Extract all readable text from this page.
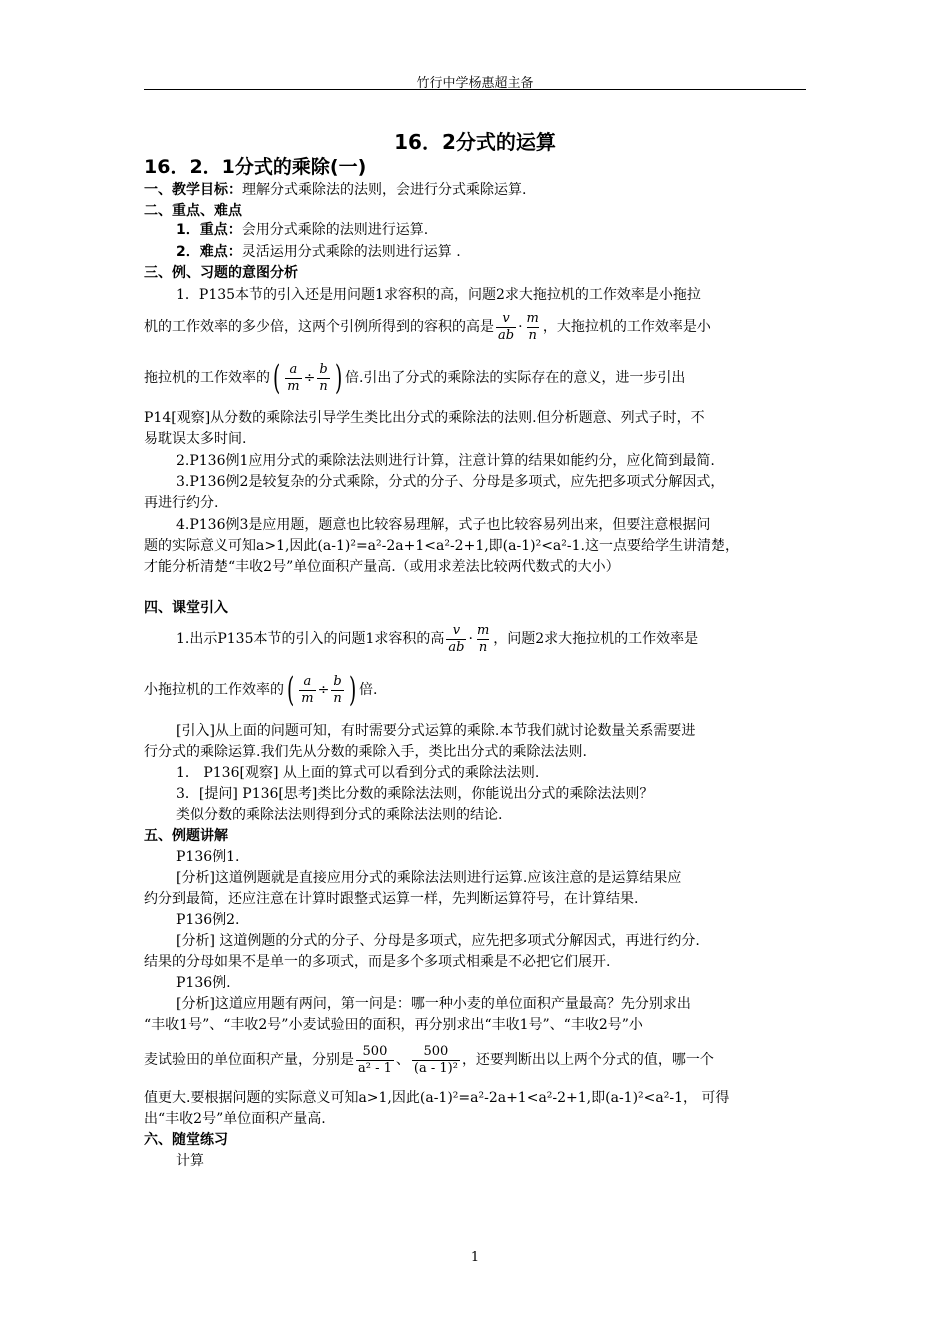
竹行中学杨惠超主备
16．2分式的运算
16．2．1分式的乘除(一)
一、教学目标：理解分式乘除法的法则，会进行分式乘除运算.
二、重点、难点
1．重点：会用分式乘除的法则进行运算.
2．难点：灵活运用分式乘除的法则进行运算 .
三、例、习题的意图分析
1．P135本节的引入还是用问题1求容积的高，问题2求大拖拉机的工作效率是小拖拉
机的工作效率的多少倍，这两个引例所得到的容积的高是 $\frac{v}{ab} \cdot \frac{m}{n}$ ，大拖拉机的工作效率是小
拖拉机的工作效率的( $\frac{a}{m} \div \frac{b}{n}$ ) 倍.引出了分式的乘除法的实际存在的意义，进一步引出
P14[观察]从分数的乘除法引导学生类比出分式的乘除法的法则.但分析题意、列式子时，不
易耽误太多时间.
2.P136例1应用分式的乘除法法则进行计算，注意计算的结果如能约分，应化简到最简.
3.P136例2是较复杂的分式乘除，分式的分子、分母是多项式，应先把多项式分解因式，
再进行约分.
4.P136例3是应用题，题意也比较容易理解，式子也比较容易列出来，但要注意根据问
题的实际意义可知a>1,因此(a-1)²=a²-2a+1<a²-2+1,即(a-1)²<a²-1.这一点要给学生讲清楚，
才能分析清楚“丰收2号”单位面积产量高.（或用求差法比较两代数式的大小）
四、课堂引入
1.出示P135本节的引入的问题1求容积的高 $\frac{v}{ab} \cdot \frac{m}{n}$ ，问题2求大拖拉机的工作效率是
小拖拉机的工作效率的( $\frac{a}{m} \div \frac{b}{n}$ ) 倍.
[引入]从上面的问题可知，有时需要分式运算的乘除.本节我们就讨论数量关系需要进
行分式的乘除运算.我们先从分数的乘除入手，类比出分式的乘除法法则.
1． P136[观察] 从上面的算式可以看到分式的乘除法法则.
3．[提问] P136[思考]类比分数的乘除法法则，你能说出分式的乘除法法则？
类似分数的乘除法法则得到分式的乘除法法则的结论.
五、例题讲解
P136例1.
[分析]这道例题就是直接应用分式的乘除法法则进行运算.应该注意的是运算结果应
约分到最简，还应注意在计算时跟整式运算一样，先判断运算符号，在计算结果.
P136例2.
[分析] 这道例题的分式的分子、分母是多项式，应先把多项式分解因式，再进行约分.
结果的分母如果不是单一的多项式，而是多个多项式相乘是不必把它们展开.
P136例.
[分析]这道应用题有两问，第一问是：哪一种小麦的单位面积产量最高？先分别求出
“丰收1号”、“丰收2号”小麦试验田的面积，再分别求出“丰收1号”、“丰收2号”小
麦试验田的单位面积产量，分别是 $\frac{500}{\text{a² - 1}}$ 、 $\frac{500}{\text{(a - 1)²}}$ ，还要判断出以上两个分式的值，哪一个
值更大.要根据问题的实际意义可知a>1,因此(a-1)²=a²-2a+1<a²-2+1,即(a-1)²<a²-1， 可得
出“丰收2号”单位面积产量高.
六、随堂练习
计算
1
